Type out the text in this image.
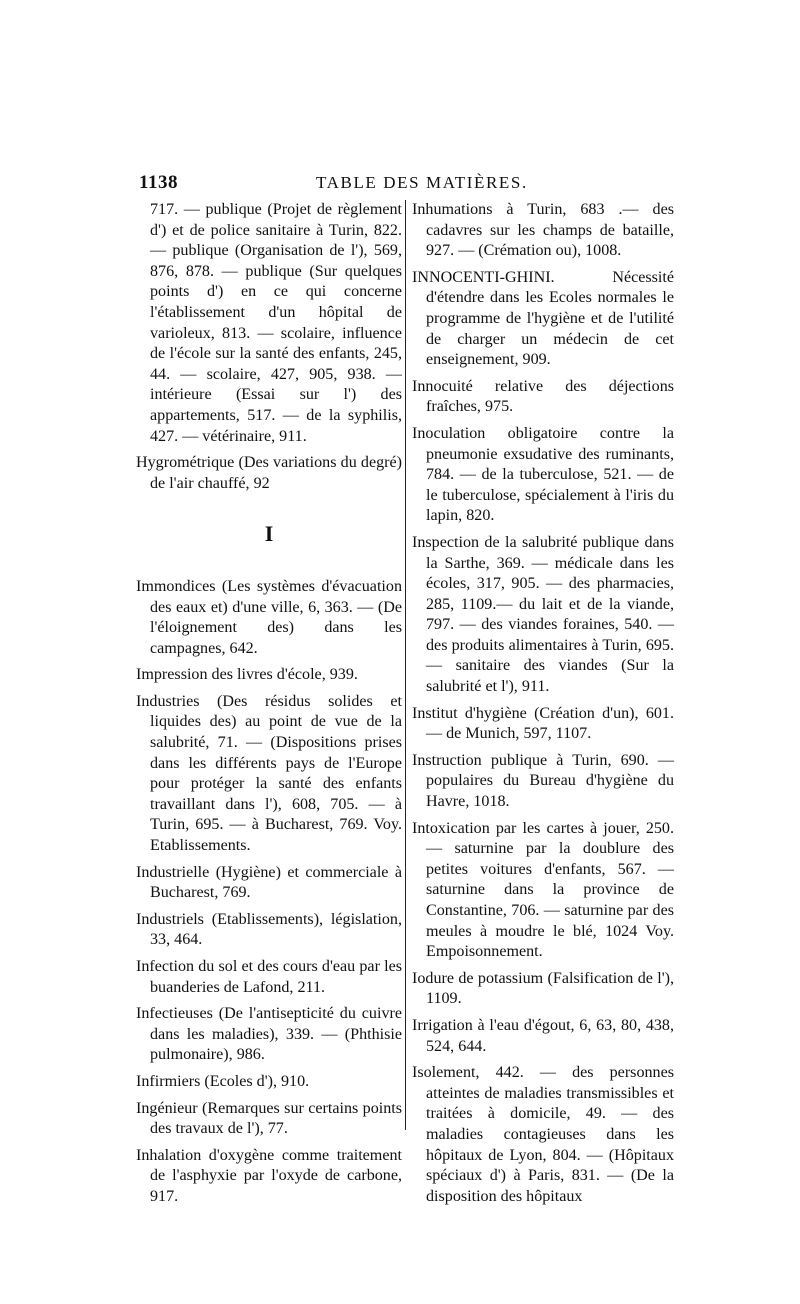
1138	TABLE DES MATIÈRES.

717. — publique (Projet de règlement d') et de police sanitaire à Turin, 822. — publique (Organisation de l'), 569, 876, 878. — publique (Sur quelques points d') en ce qui concerne l'établissement d'un hôpital de varioleux, 813. — scolaire, influence de l'école sur la santé des enfants, 245, 44. — scolaire, 427, 905, 938. — intérieure (Essai sur l') des appartements, 517. — de la syphilis, 427. — vétérinaire, 911.

Hygrométrique (Des variations du degré) de l'air chauffé, 92

I

Immondices (Les systèmes d'évacuation des eaux et) d'une ville, 6, 363. — (De l'éloignement des) dans les campagnes, 642.

Impression des livres d'école, 939.

Industries (Des résidus solides et liquides des) au point de vue de la salubrité, 71. — (Dispositions prises dans les différents pays de l'Europe pour protéger la santé des enfants travaillant dans l'), 608, 705. — à Turin, 695. — à Bucharest, 769. Voy. Etablissements.

Industrielle (Hygiène) et commerciale à Bucharest, 769.

Industriels (Etablissements), législation, 33, 464.

Infection du sol et des cours d'eau par les buanderies de Lafond, 211.

Infectieuses (De l'antisepticité du cuivre dans les maladies), 339. — (Phthisie pulmonaire), 986.

Infirmiers (Ecoles d'), 910.

Ingénieur (Remarques sur certains points des travaux de l'), 77.

Inhalation d'oxygène comme traitement de l'asphyxie par l'oxyde de carbone, 917.

Inhumations à Turin, 683 .— des cadavres sur les champs de bataille, 927. — (Crémation ou), 1008.

INNOCENTI-GHINI. Nécessité d'étendre dans les Ecoles normales le programme de l'hygiène et de l'utilité de charger un médecin de cet enseignement, 909.

Innocuité relative des déjections fraîches, 975.

Inoculation obligatoire contre la pneumonie exsudative des ruminants, 784. — de la tuberculose, 521. — de le tuberculose, spécialement à l'iris du lapin, 820.

Inspection de la salubrité publique dans la Sarthe, 369. — médicale dans les écoles, 317, 905. — des pharmacies, 285, 1109.— du lait et de la viande, 797. — des viandes foraines, 540. — des produits alimentaires à Turin, 695. — sanitaire des viandes (Sur la salubrité et l'), 911.

Institut d'hygiène (Création d'un), 601. — de Munich, 597, 1107.

Instruction publique à Turin, 690. — populaires du Bureau d'hygiène du Havre, 1018.

Intoxication par les cartes à jouer, 250. — saturnine par la doublure des petites voitures d'enfants, 567. — saturnine dans la province de Constantine, 706. — saturnine par des meules à moudre le blé, 1024 Voy. Empoisonnement.

Iodure de potassium (Falsification de l'), 1109.

Irrigation à l'eau d'égout, 6, 63, 80, 438, 524, 644.

Isolement, 442. — des personnes atteintes de maladies transmissibles et traitées à domicile, 49. — des maladies contagieuses dans les hôpitaux de Lyon, 804. — (Hôpitaux spéciaux d') à Paris, 831. — (De la disposition des hôpitaux
